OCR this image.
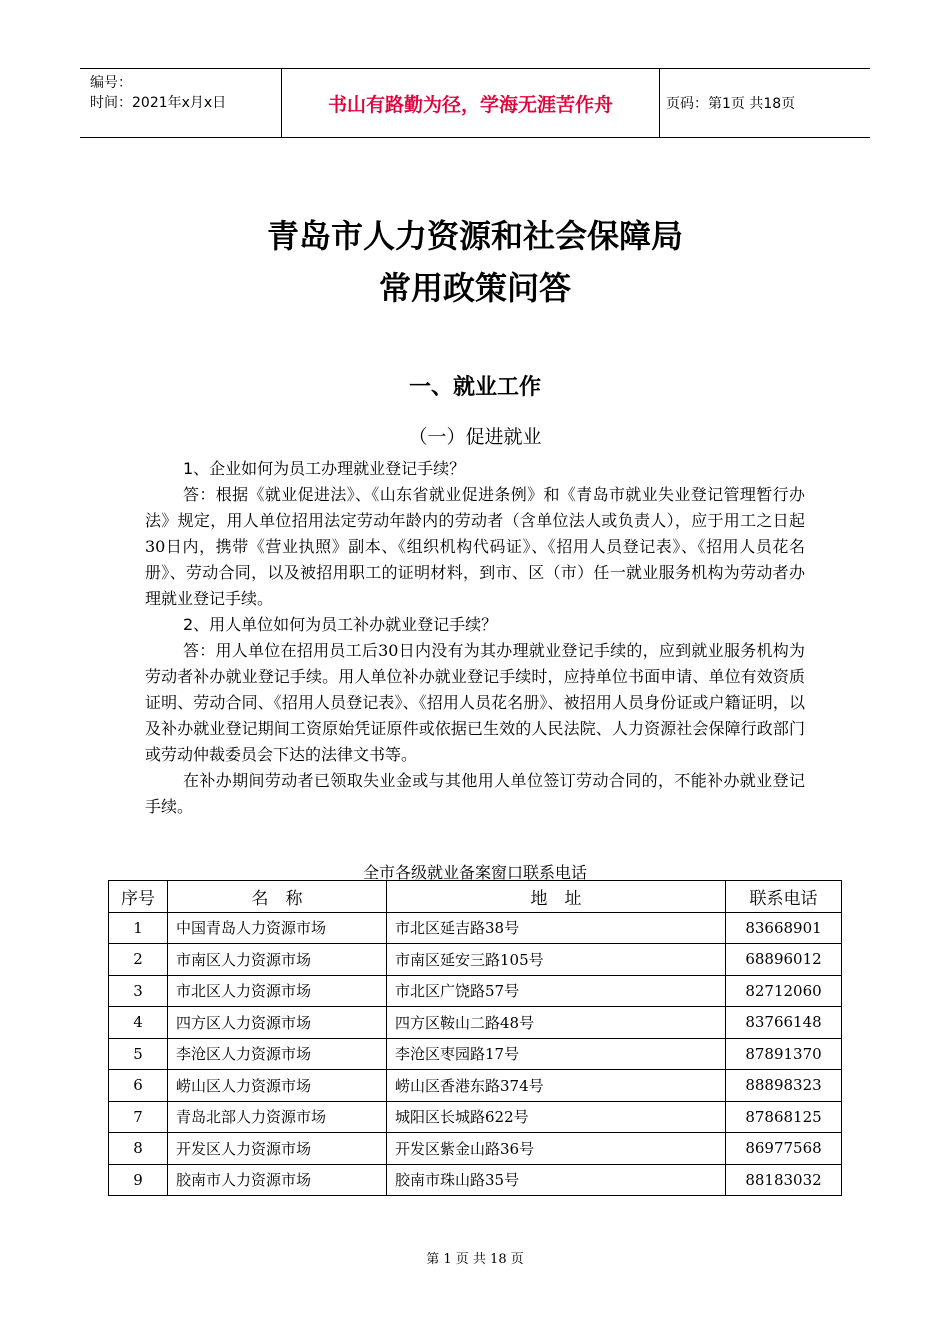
编号：
时间：2021年x月x日	书山有路勤为径，学海无涯苦作舟	页码：第1页 共18页
青岛市人力资源和社会保障局
常用政策问答
一、就业工作
（一）促进就业

1、企业如何为员工办理就业登记手续？

答：根据《就业促进法》、《山东省就业促进条例》和《青岛市就业失业登记管理暂行办法》规定，用人单位招用法定劳动年龄内的劳动者（含单位法人或负责人），应于用工之日起30日内，携带《营业执照》副本、《组织机构代码证》、《招用人员登记表》、《招用人员花名册》、劳动合同，以及被招用职工的证明材料，到市、区（市）任一就业服务机构为劳动者办理就业登记手续。

2、用人单位如何为员工补办就业登记手续？

答：用人单位在招用员工后30日内没有为其办理就业登记手续的，应到就业服务机构为劳动者补办就业登记手续。用人单位补办就业登记手续时，应持单位书面申请、单位有效资质证明、劳动合同、《招用人员登记表》、《招用人员花名册》、被招用人员身份证或户籍证明，以及补办就业登记期间工资原始凭证原件或依据已生效的人民法院、人力资源社会保障行政部门或劳动仲裁委员会下达的法律文书等。

在补办期间劳动者已领取失业金或与其他用人单位签订劳动合同的，不能补办就业登记手续。

全市各级就业备案窗口联系电话
序号	名　称	地　址	联系电话
1	中国青岛人力资源市场	市北区延吉路38号	83668901
2	市南区人力资源市场	市南区延安三路105号	68896012
3	市北区人力资源市场	市北区广饶路57号	82712060
4	四方区人力资源市场	四方区鞍山二路48号	83766148
5	李沧区人力资源市场	李沧区枣园路17号	87891370
6	崂山区人力资源市场	崂山区香港东路374号	88898323
7	青岛北部人力资源市场	城阳区长城路622号	87868125
8	开发区人力资源市场	开发区紫金山路36号	86977568
9	胶南市人力资源市场	胶南市珠山路35号	88183032
第 1 页 共 18 页
